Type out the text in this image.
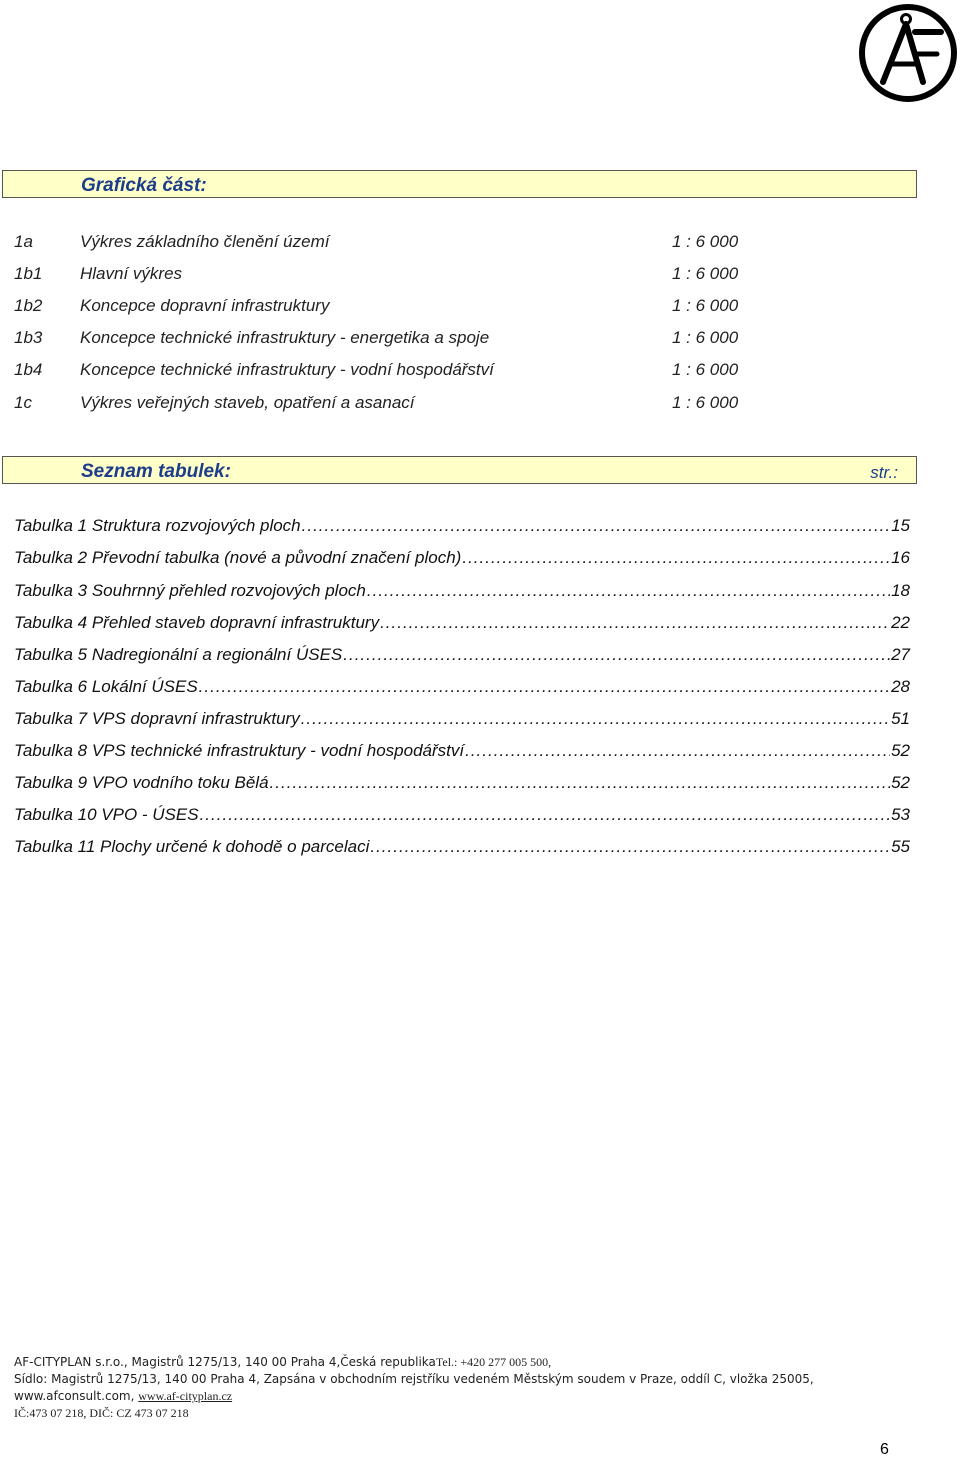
Grafická část:
1a	Výkres základního členění území	1 : 6 000
1b1 Hlavní výkres	1 : 6 000
1b2 Koncepce dopravní infrastruktury	1 : 6 000
1b3 Koncepce technické infrastruktury - energetika a spoje	1 : 6 000
1b4 Koncepce technické infrastruktury - vodní hospodářství	1 : 6 000
1c	Výkres veřejných staveb, opatření a asanací	1 : 6 000
Seznam tabulek:	str.:
Tabulka 1 Struktura rozvojových ploch .....	15
Tabulka 2 Převodní tabulka (nové a původní značení ploch) .....	16
Tabulka 3 Souhrnný přehled rozvojových ploch .....	18
Tabulka 4 Přehled staveb dopravní infrastruktury .....	22
Tabulka 5 Nadregionální a regionální ÚSES .....	27
Tabulka 6 Lokální ÚSES .....	28
Tabulka 7 VPS dopravní infrastruktury .....	51
Tabulka 8 VPS technické infrastruktury - vodní hospodářství .....	52
Tabulka 9 VPO vodního toku Bělá .....	52
Tabulka 10 VPO - ÚSES .....	53
Tabulka 11 Plochy určené k dohodě o parcelaci .....	55
AF-CITYPLAN s.r.o., Magistrů 1275/13, 140 00 Praha 4,Česká republikaTel.: +420 277 005 500,
Sídlo: Magistrů 1275/13, 140 00 Praha 4, Zapsána v obchodním rejstříku vedeném Městským soudem v Praze, oddíl C, vložka 25005,
www.afconsult.com, www.af-cityplan.cz
IČ:473 07 218, DIČ: CZ 473 07 218
6
